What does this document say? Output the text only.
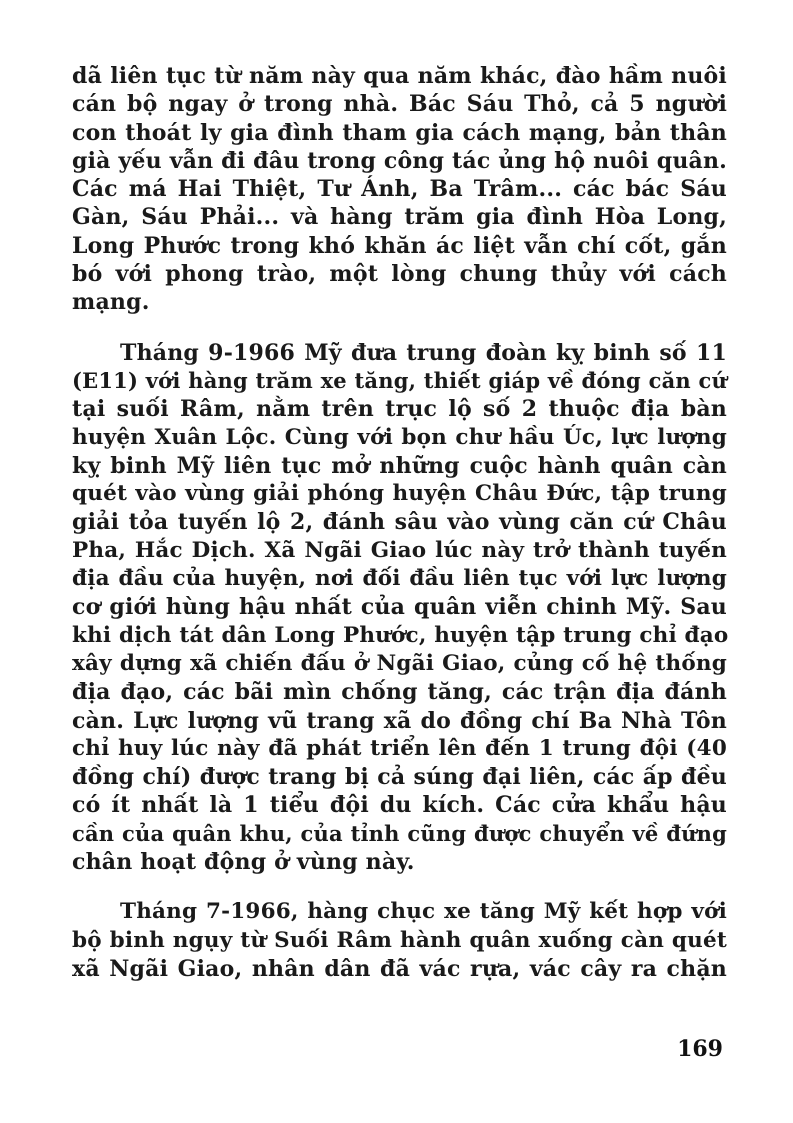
dã liên tục từ năm này qua năm khác, đào hầm nuôi
cán bộ ngay ở trong nhà. Bác Sáu Thỏ, cả 5 người
con thoát ly gia đình tham gia cách mạng, bản thân
già yếu vẫn đi đâu trong công tác ủng hộ nuôi quân.
Các má Hai Thiệt, Tư Ánh, Ba Trâm... các bác Sáu
Gàn, Sáu Phải... và hàng trăm gia đình Hòa Long,
Long Phước trong khó khăn ác liệt vẫn chí cốt, gắn
bó với phong trào, một lòng chung thủy với cách
mạng.
Tháng 9-1966 Mỹ đưa trung đoàn kỵ binh số 11
(E11) với hàng trăm xe tăng, thiết giáp về đóng căn cứ
tại suối Râm, nằm trên trục lộ số 2 thuộc địa bàn
huyện Xuân Lộc. Cùng với bọn chư hầu Úc, lực lượng
kỵ binh Mỹ liên tục mở những cuộc hành quân càn
quét vào vùng giải phóng huyện Châu Đức, tập trung
giải tỏa tuyến lộ 2, đánh sâu vào vùng căn cứ Châu
Pha, Hắc Dịch. Xã Ngãi Giao lúc này trở thành tuyến
địa đầu của huyện, nơi đối đầu liên tục với lực lượng
cơ giới hùng hậu nhất của quân viễn chinh Mỹ. Sau
khi dịch tát dân Long Phước, huyện tập trung chỉ đạo
xây dựng xã chiến đấu ở Ngãi Giao, củng cố hệ thống
địa đạo, các bãi mìn chống tăng, các trận địa đánh
càn. Lực lượng vũ trang xã do đồng chí Ba Nhà Tôn
chỉ huy lúc này đã phát triển lên đến 1 trung đội (40
đồng chí) được trang bị cả súng đại liên, các ấp đều
có ít nhất là 1 tiểu đội du kích. Các cửa khẩu hậu
cần của quân khu, của tỉnh cũng được chuyển về đứng
chân hoạt động ở vùng này.
Tháng 7-1966, hàng chục xe tăng Mỹ kết hợp với
bộ binh ngụy từ Suối Râm hành quân xuống càn quét
xã Ngãi Giao, nhân dân đã vác rựa, vác cây ra chặn
169
